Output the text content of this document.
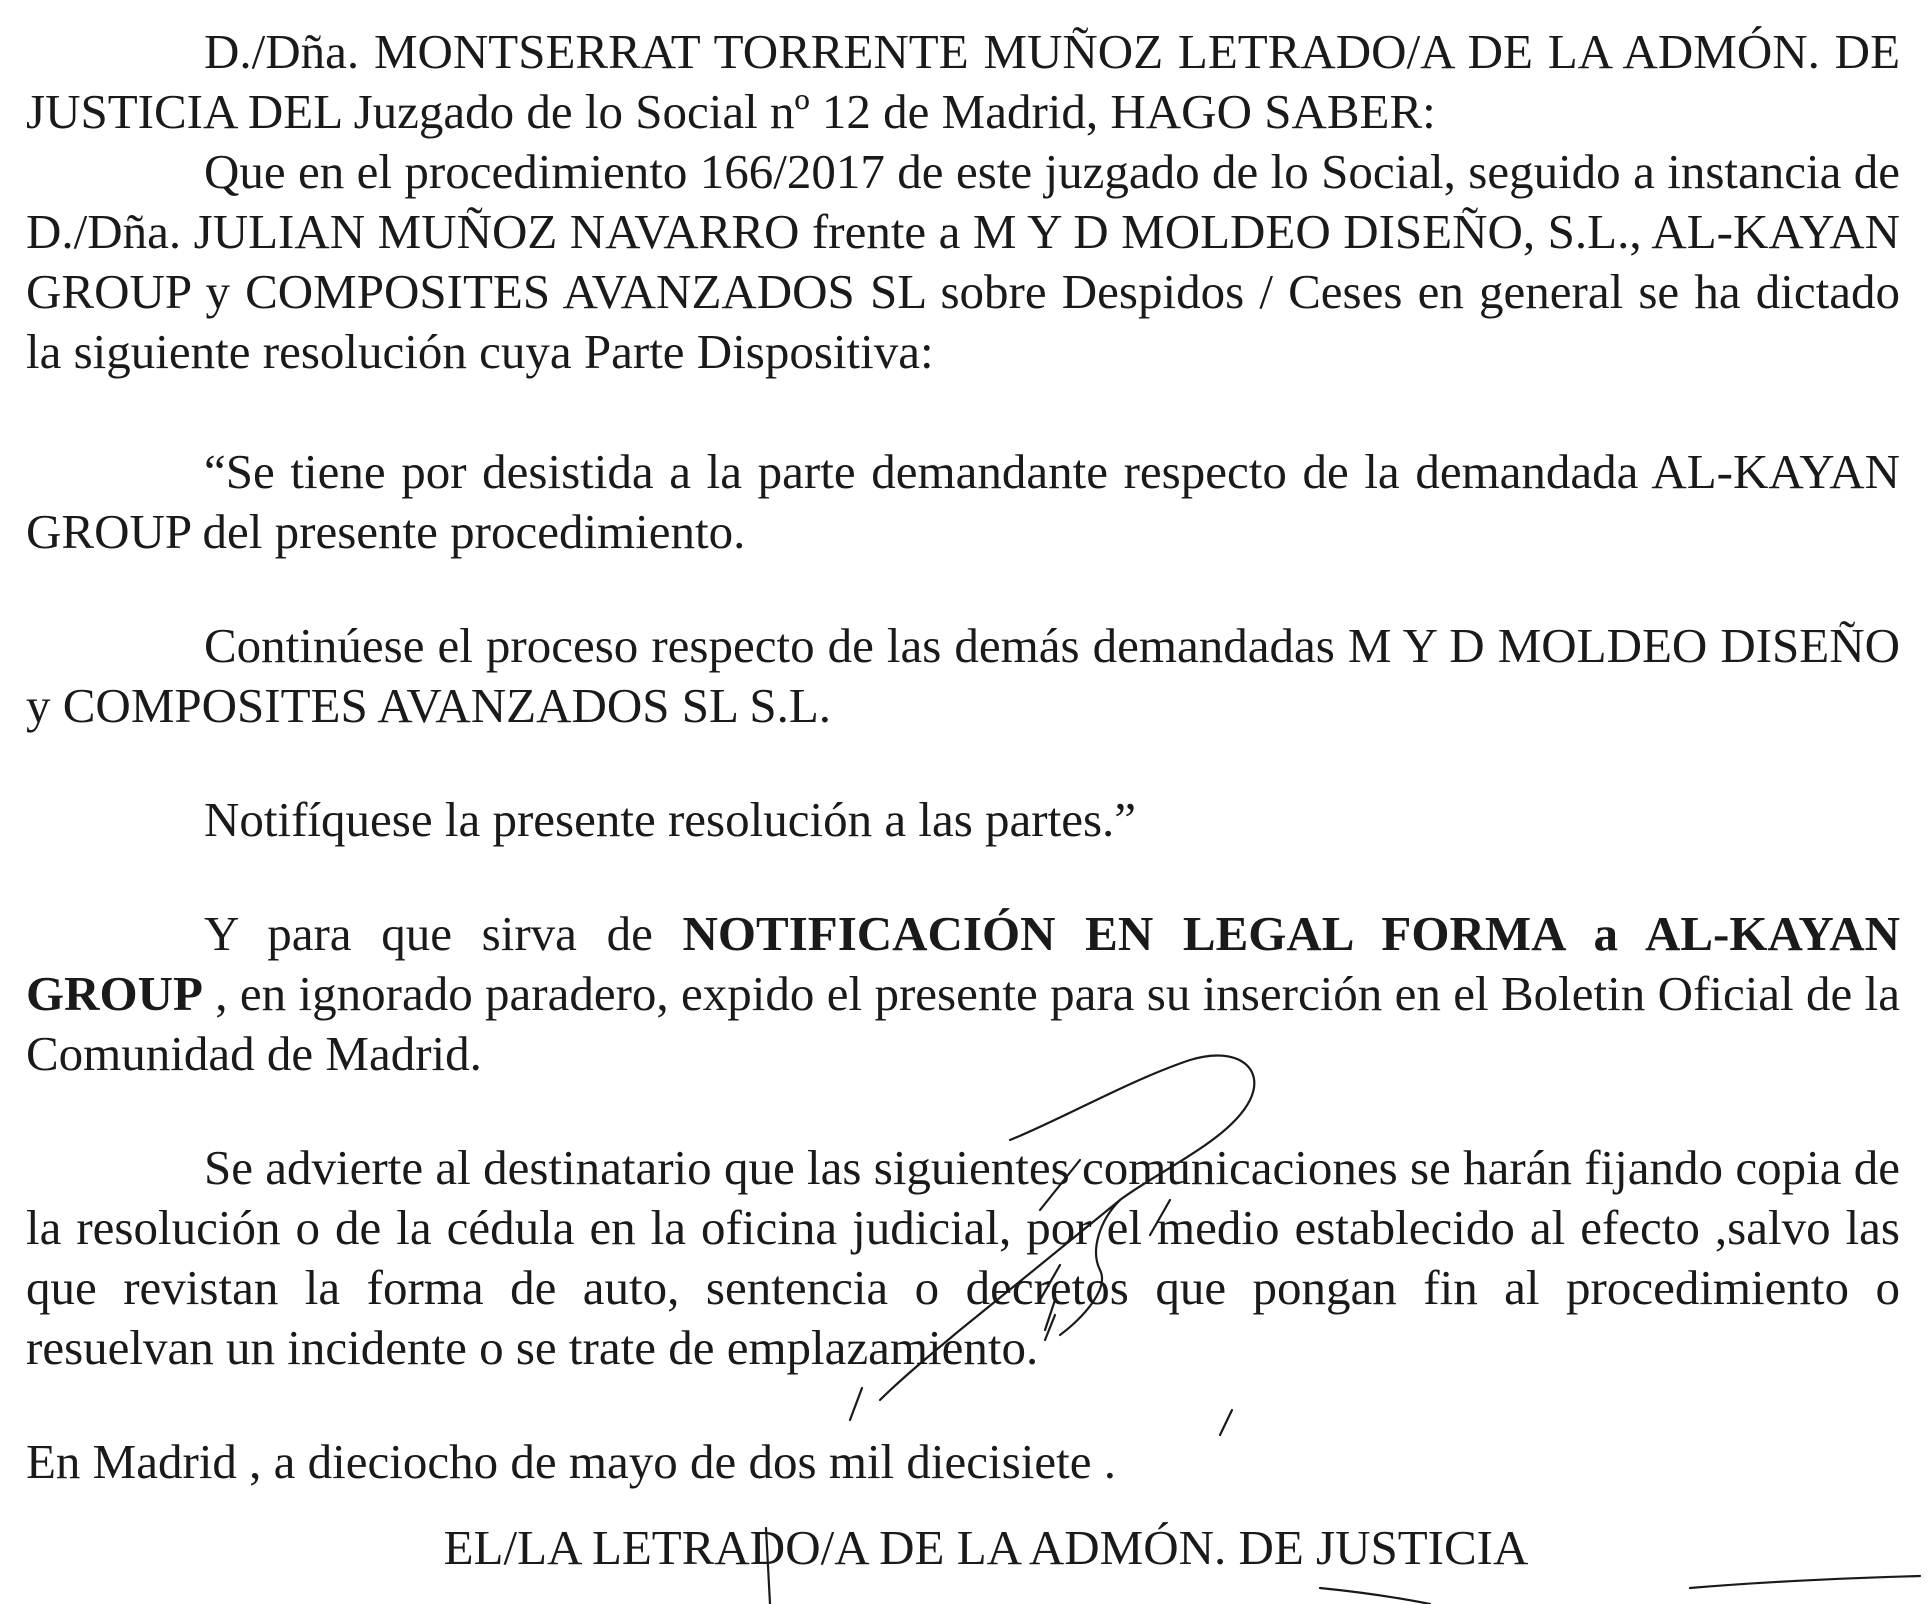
D./Dña. MONTSERRAT TORRENTE MUÑOZ LETRADO/A DE LA ADMÓN. DE JUSTICIA DEL Juzgado de lo Social nº 12 de Madrid, HAGO SABER:

Que en el procedimiento 166/2017 de este juzgado de lo Social, seguido a instancia de D./Dña. JULIAN MUÑOZ NAVARRO frente a M Y D MOLDEO DISEÑO, S.L., AL-KAYAN GROUP y COMPOSITES AVANZADOS SL sobre Despidos / Ceses en general se ha dictado la siguiente resolución cuya Parte Dispositiva:

“Se tiene por desistida a la parte demandante respecto de la demandada AL-KAYAN GROUP del presente procedimiento.

Continúese el proceso respecto de las demás demandadas M Y D MOLDEO DISEÑO y COMPOSITES AVANZADOS SL S.L.

Notifíquese la presente resolución a las partes.”

Y para que sirva de NOTIFICACIÓN EN LEGAL FORMA a AL-KAYAN GROUP , en ignorado paradero, expido el presente para su inserción en el Boletin Oficial de la Comunidad de Madrid.

Se advierte al destinatario que las siguientes comunicaciones se harán fijando copia de la resolución o de la cédula en la oficina judicial, por el medio establecido al efecto ,salvo las que revistan la forma de auto, sentencia o decretos que pongan fin al procedimiento o resuelvan un incidente o se trate de emplazamiento.

En Madrid , a dieciocho de mayo de dos mil diecisiete .

EL/LA LETRADO/A DE LA ADMÓN. DE JUSTICIA
